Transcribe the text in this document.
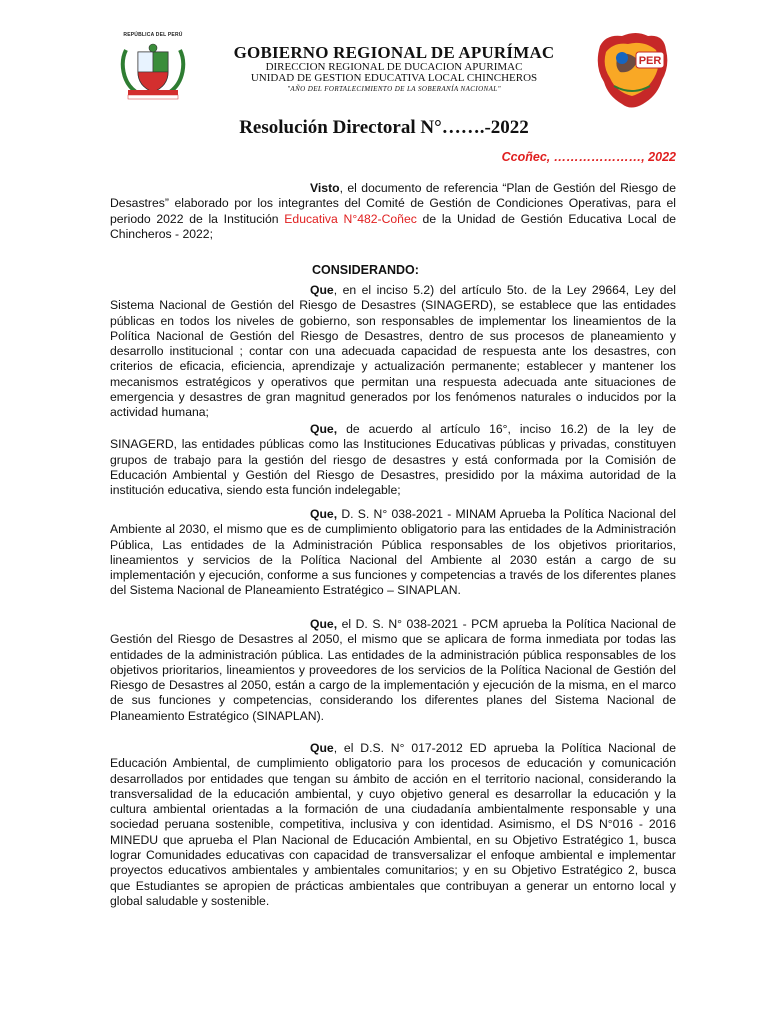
REPÚBLICA DEL PERÚ
PER
GOBIERNO REGIONAL DE APURÍMAC
DIRECCION REGIONAL DE DUCACION APURIMAC
UNIDAD DE GESTION EDUCATIVA LOCAL CHINCHEROS
"AÑO DEL FORTALECIMIENTO DE LA SOBERANÍA NACIONAL"
Resolución Directoral N°…….-2022
Ccoñec, …………………, 2022
Visto, el documento de referencia “Plan de Gestión del Riesgo de Desastres” elaborado por los integrantes del Comité de Gestión de Condiciones Operativas, para el periodo 2022 de la Institución Educativa N°482-Coñec de la Unidad de Gestión Educativa Local de Chincheros - 2022;
CONSIDERANDO:
Que, en el inciso 5.2) del artículo 5to. de la Ley 29664, Ley del Sistema Nacional de Gestión del Riesgo de Desastres (SINAGERD), se establece que las entidades públicas en todos los niveles de gobierno, son responsables de implementar los lineamientos de la Política Nacional de Gestión del Riesgo de Desastres, dentro de sus procesos de planeamiento y desarrollo institucional ; contar con una adecuada capacidad de respuesta ante los desastres, con criterios de eficacia, eficiencia, aprendizaje y actualización permanente; establecer y mantener los mecanismos estratégicos y operativos que permitan una respuesta adecuada ante situaciones de emergencia y desastres de gran magnitud generados por los fenómenos naturales o inducidos por la actividad humana;
Que, de acuerdo al artículo 16°, inciso 16.2) de la ley de SINAGERD, las entidades públicas como las Instituciones Educativas públicas y privadas, constituyen grupos de trabajo para la gestión del riesgo de desastres y está conformada por la Comisión de Educación Ambiental y Gestión del Riesgo de Desastres, presidido por la máxima autoridad de la institución educativa, siendo esta función indelegable;
Que, D. S. N° 038-2021 - MINAM Aprueba la Política Nacional del Ambiente al 2030, el mismo que es de cumplimiento obligatorio para las entidades de la Administración Pública, Las entidades de la Administración Pública responsables de los objetivos prioritarios, lineamientos y servicios de la Política Nacional del Ambiente al 2030 están a cargo de su implementación y ejecución, conforme a sus funciones y competencias a través de los diferentes planes del Sistema Nacional de Planeamiento Estratégico – SINAPLAN.
Que, el D. S. N° 038-2021 - PCM aprueba la Política Nacional de Gestión del Riesgo de Desastres al 2050, el mismo que se aplicara de forma inmediata por todas las entidades de la administración pública. Las entidades de la administración pública responsables de los objetivos prioritarios, lineamientos y proveedores de los servicios de la Política Nacional de Gestión del Riesgo de Desastres al 2050, están a cargo de la implementación y ejecución de la misma, en el marco de sus funciones y competencias, considerando los diferentes planes del Sistema Nacional de Planeamiento Estratégico (SINAPLAN).
Que, el D.S. N° 017-2012 ED aprueba la Política Nacional de Educación Ambiental, de cumplimiento obligatorio para los procesos de educación y comunicación desarrollados por entidades que tengan su ámbito de acción en el territorio nacional, considerando la transversalidad de la educación ambiental, y cuyo objetivo general es desarrollar la educación y la cultura ambiental orientadas a la formación de una ciudadanía ambientalmente responsable y una sociedad peruana sostenible, competitiva, inclusiva y con identidad. Asimismo, el DS N°016 - 2016 MINEDU que aprueba el Plan Nacional de Educación Ambiental, en su Objetivo Estratégico 1, busca lograr Comunidades educativas con capacidad de transversalizar el enfoque ambiental e implementar proyectos educativos ambientales y ambientales comunitarios; y en su Objetivo Estratégico 2, busca que Estudiantes se apropien de prácticas ambientales que contribuyan a generar un entorno local y global saludable y sostenible.
